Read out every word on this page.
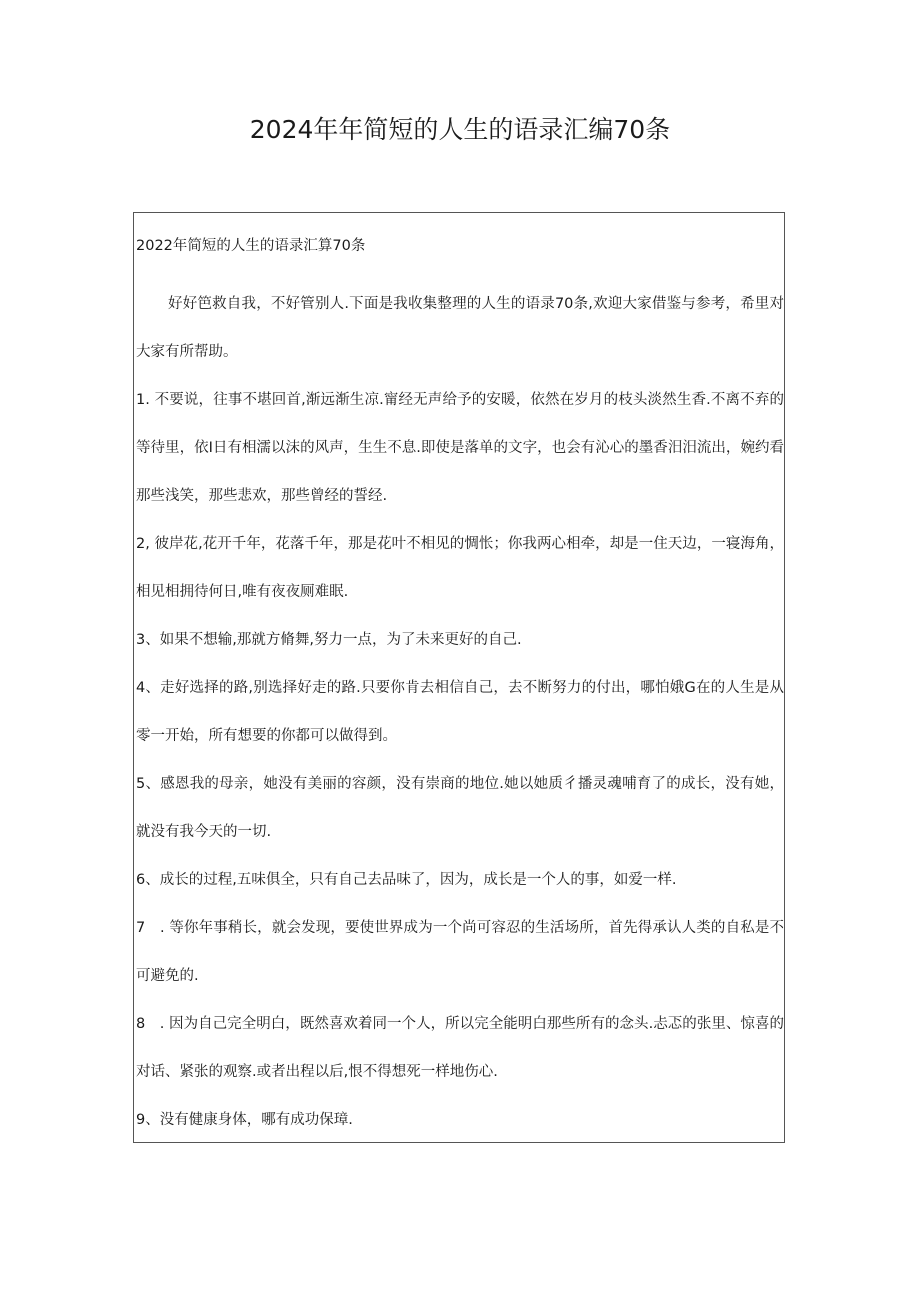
2024年年简短的人生的语录汇编70条

2022年简短的人生的语录汇算70条

好好笆救自我，不好管别人.下面是我收集整理的人生的语录70条,欢迎大家借鉴与参考，希里对大家有所帮助。

1. 不要说，往事不堪回首,渐远渐生凉.甯经无声给予的安暖，依然在岁月的枝头淡然生香.不离不弃的等待里，依I日有相濡以沫的风声，生生不息.即使是落单的文字，也会有沁心的墨香汨汨流出，婉约看那些浅笑，那些悲欢，那些曾经的誓经.

2, 彼岸花,花开千年，花落千年，那是花叶不相见的惆怅；你我两心相牵，却是一住天边，一寝海角，相见相拥待何日,唯有夜夜厕难眠.

3、如果不想输,那就方脩舞,努力一点，为了未来更好的自己.

4、走好选择的路,别选择好走的路.只要你肯去相信自己，去不断努力的付出，哪怕娥G在的人生是从零一开始，所有想要的你都可以做得到。

5、感恩我的母亲，她没有美丽的容颜，没有崇商的地位.她以她质彳播灵魂哺育了的成长，没有她，就没有我今天的一切.

6、成长的过程,五味俱全，只有自己去品味了，因为，成长是一个人的事，如爱一样.

7　. 等你年事稍长，就会发现，要使世界成为一个尚可容忍的生活场所，首先得承认人类的自私是不可避免的.

8　. 因为自己完全明白，既然喜欢着同一个人，所以完全能明白那些所有的念头.忐忑的张里、惊喜的对话、紧张的观察.或者出程以后,恨不得想死一样地伤心.

9、没有健康身体，哪有成功保璋.
